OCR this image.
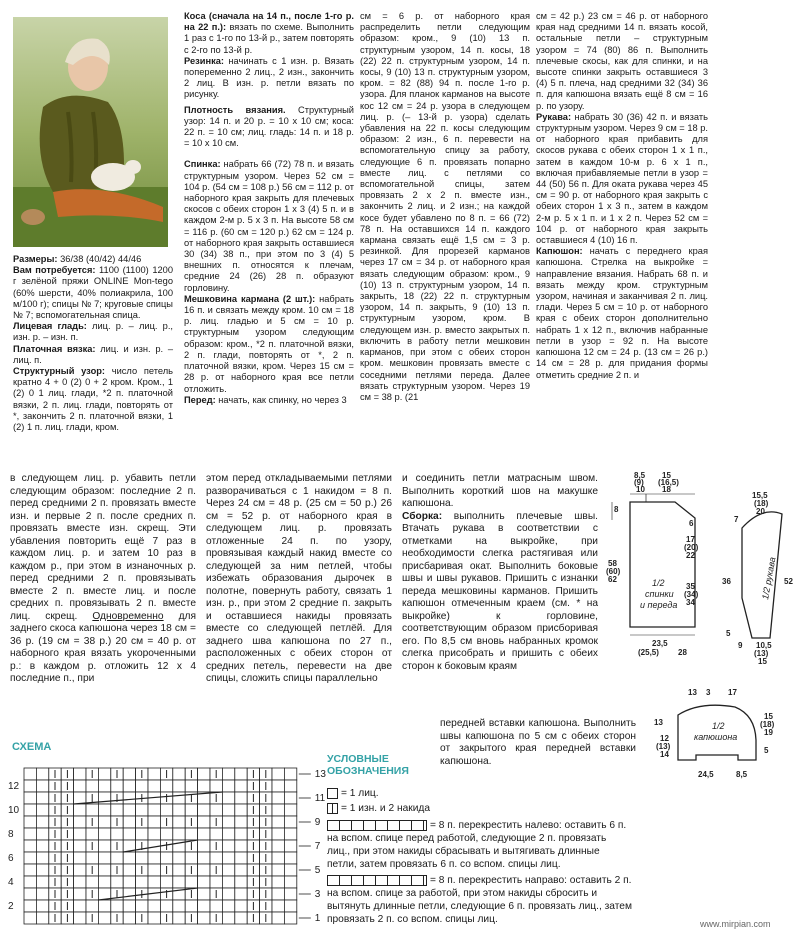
Размеры: 36/38 (40/42) 44/46

Вам потребуется: 1100 (1100) 1200 г зелёной пряжи ONLINE Mon-tego (60% шерсти, 40% полиакрила, 100 м/100 г); спицы № 7; круговые спицы № 7; вспомогательная спица.

Лицевая гладь: лиц. р. – лиц. р., изн. р. – изн. п.

Платочная вязка: лиц. и изн. р. – лиц. п.

Структурный узор: число петель кратно 4 + 0 (2) 0 + 2 кром. Кром., 1 (2) 0 1 лиц. глади, *2 п. платочной вязки, 2 п. лиц. глади, повторять от *, закончить 2 п. платочной вязки, 1 (2) 1 п. лиц. глади, кром.

Коса (сначала на 14 п., после 1-го р. на 22 п.): вязать по схеме. Выполнить 1 раз с 1-го по 13-й р., затем повторять с 2-го по 13-й р.

Резинка: начинать с 1 изн. р. Вязать попеременно 2 лиц., 2 изн., закончить 2 лиц. В изн. р. петли вязать по рисунку.

Плотность вязания. Структурный узор: 14 п. и 20 р. = 10 х 10 см; коса: 22 п. = 10 см; лиц. гладь: 14 п. и 18 р. = 10 х 10 см.

Спинка: набрать 66 (72) 78 п. и вязать структурным узором. Через 52 см = 104 р. (54 см = 108 р.) 56 см = 112 р. от наборного края закрыть для плечевых скосов с обеих сторон 1 х 3 (4) 5 п. и в каждом 2-м р. 5 х 3 п. На высоте 58 см = 116 р. (60 см = 120 р.) 62 см = 124 р. от наборного края закрыть оставшиеся 30 (34) 38 п., при этом по 3 (4) 5 внешних п. относятся к плечам, средние 24 (26) 28 п. образуют горловину.

Мешковина кармана (2 шт.): набрать 16 п. и связать между кром. 10 см = 18 р. лиц. гладью и 5 см = 10 р. структурным узором следующим образом: кром., *2 п. платочной вязки, 2 п. глади, повторять от *, 2 п. платочной вязки, кром. Через 15 см = 28 р. от наборного края все петли отложить.

Перед: начать, как спинку, но через 3

см = 6 р. от наборного края распределить петли следующим образом: кром., 9 (10) 13 п. структурным узором, 14 п. косы, 18 (22) 22 п. структурным узором, 14 п. косы, 9 (10) 13 п. структурным узором, кром. = 82 (88) 94 п. после 1-го р. узора. Для планок карманов на высоте кос 12 см = 24 р. узора в следующем лиц. р. (– 13-й р. узора) сделать убавления на 22 п. косы следующим образом: 2 изн., 6 п. перевести на вспомогательную спицу за работу, следующие 6 п. провязать попарно вместе лиц. с петлями со вспомогательной спицы, затем провязать 2 х 2 п. вместе изн., закончить 2 лиц. и 2 изн.; на каждой косе будет убавлено по 8 п. = 66 (72) 78 п. На оставшихся 14 п. каждого кармана связать ещё 1,5 см = 3 р. резинкой. Для прорезей карманов через 17 см = 34 р. от наборного края вязать следующим образом: кром., 9 (10) 13 п. структурным узором, 14 п. закрыть, 18 (22) 22 п. структурным узором, 14 п. закрыть, 9 (10) 13 п. структурным узором, кром. В следующем изн. р. вместо закрытых п. включить в работу петли мешковин карманов, при этом с обеих сторон кром. мешковин провязать вместе с соседними петлями переда. Далее вязать структурным узором. Через 19 см = 38 р. (21

см = 42 р.) 23 см = 46 р. от наборного края над средними 14 п. вязать косой, остальные петли – структурным узором = 74 (80) 86 п. Выполнить плечевые скосы, как для спинки, и на высоте спинки закрыть оставшиеся 3 (4) 5 п. плеча, над средними 32 (34) 36 п. для капюшона вязать ещё 8 см = 16 р. по узору.

Рукава: набрать 30 (36) 42 п. и вязать структурным узором. Через 9 см = 18 р. от наборного края прибавить для скосов рукава с обеих сторон 1 х 1 п., затем в каждом 10-м р. 6 х 1 п., включая прибавляемые петли в узор = 44 (50) 56 п. Для оката рукава через 45 см = 90 р. от наборного края закрыть с обеих сторон 1 х 3 п., затем в каждом 2-м р. 5 х 1 п. и 1 х 2 п. Через 52 см = 104 р. от наборного края закрыть оставшиеся 4 (10) 16 п.

Капюшон: начать с переднего края капюшона. Стрелка на выкройке = направление вязания. Набрать 68 п. и вязать между кром. структурным узором, начиная и заканчивая 2 п. лиц. глади. Через 5 см = 10 р. от наборного края с обеих сторон дополнительно набрать 1 х 12 п., включив набранные петли в узор = 92 п. На высоте капюшона 12 см = 24 р. (13 см = 26 р.) 14 см = 28 р. для придания формы отметить средние 2 п. и

в следующем лиц. р. убавить петли следующим образом: последние 2 п. перед средними 2 п. провязать вместе изн. и первые 2 п. после средних п. провязать вместе изн. скрещ. Эти убавления повторить ещё 7 раз в каждом лиц. р. и затем 10 раз в каждом р., при этом в изнаночных р. перед средними 2 п. провязывать вместе 2 п. вместе лиц. и после средних п. провязывать 2 п. вместе лиц. скрещ. Одновременно для заднего скоса капюшона через 18 см = 36 р. (19 см = 38 р.) 20 см = 40 р. от наборного края вязать укороченными р.: в каждом р. отложить 12 х 4 последние п., при

этом перед откладываемыми петлями разворачиваться с 1 накидом = 8 п. Через 24 см = 48 р. (25 см = 50 р.) 26 см = 52 р. от наборного края в следующем лиц. р. провязать отложенные 24 п. по узору, провязывая каждый накид вместе со следующей за ним петлей, чтобы избежать образования дырочек в полотне, повернуть работу, связать 1 изн. р., при этом 2 средние п. закрыть и оставшиеся накиды провязать вместе со следующей петлёй. Для заднего шва капюшона по 27 п., расположенных с обеих сторон от средних петель, перевести на две спицы, сложить спицы параллельно

и соединить петли матрасным швом. Выполнить короткий шов на макушке капюшона.

Сборка: выполнить плечевые швы. Втачать рукава в соответствии с отметками на выкройке, при необходимости слегка растягивая или присбаривая окат. Выполнить боковые швы и швы рукавов. Пришить с изнанки переда мешковины карманов. Пришить капюшон отмеченным краем (см. * на выкройке) к горловине, соответствующим образом присборивая его. По 8,5 см вновь набранных кромок слегка присобрать и пришить с обеих сторон к боковым краям

передней вставки капюшона. Выполнить швы капюшона по 5 см с обеих сторон от закрытого края передней вставки капюшона.

8,5
(9)
10
15
(16,5)
18
8
58
(60)
62
6
17
(20)
22
35
(34)
34
1/2
спинки
и переда
23,5
(25,5) 28
15,5
(18)
20
7
36	52
1/2 рукава
5
9 10,5
(13)
15
13 3 17
13
12
(13)
14
15
(18)
19
5
1/2
капюшона
24,5	8,5
СХЕМА
12
10
8
6
4
2
13
11
9
7
5
3
1
УСЛОВНЫЕ
ОБОЗНАЧЕНИЯ
= 1 лиц.
= 1 изн. и 2 накида
= 8 п. перекрестить налево: оставить 6 п. на вспом. спице перед работой, следующие 2 п. провязать лиц., при этом накиды сбрасывать и вытягивать длинные петли, затем провязать 6 п. со вспом. спицы лиц.
= 8 п. перекрестить направо: оставить 2 п. на вспом. спице за работой, при этом накиды сбросить и вытянуть длинные петли, следующие 6 п. провязать лиц., затем провязать 2 п. со вспом. спицы лиц.	www.mirpian.com
